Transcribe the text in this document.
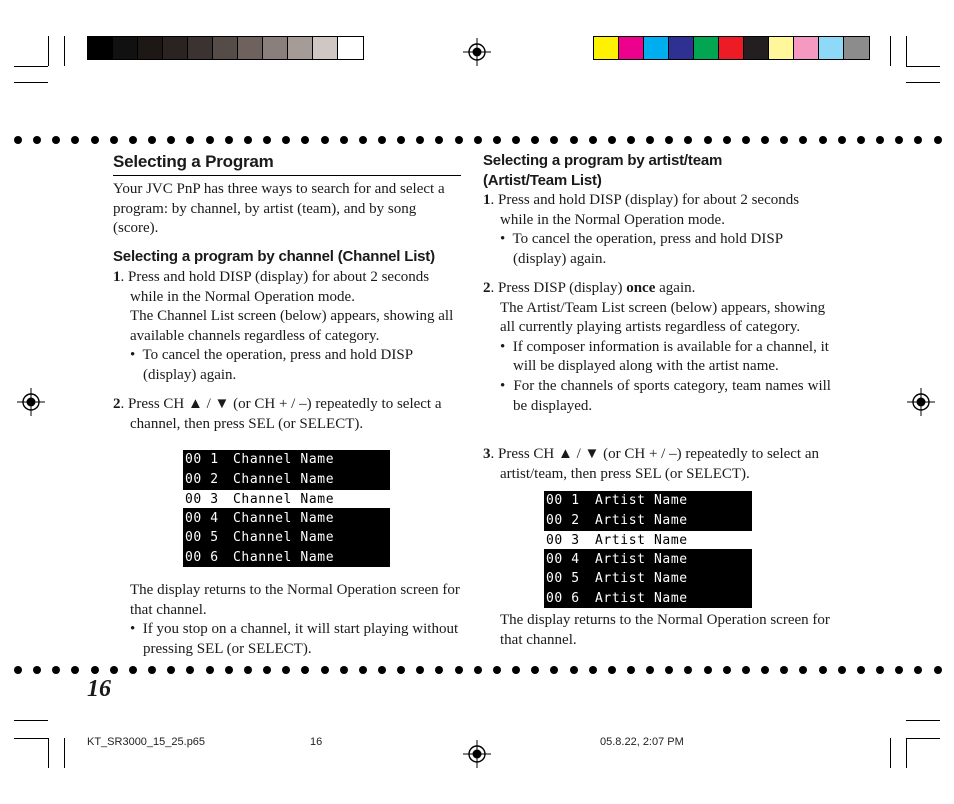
Selecting a Program
Your JVC PnP has three ways to search for and select a program: by channel, by artist (team), and by song (score).
Selecting a program by channel (Channel List)
1. Press and hold DISP (display) for about 2 seconds while in the Normal Operation mode.
The Channel List screen (below) appears, showing all available channels regardless of category.
•  To cancel the operation, press and hold DISP (display) again.
2. Press CH ▲ / ▼ (or CH + / –) repeatedly to select a channel, then press SEL (or SELECT).
00 1 Channel Name
00 2 Channel Name
00 3 Channel Name
00 4 Channel Name
00 5 Channel Name
00 6 Channel Name
The display returns to the Normal Operation screen for that channel.
•  If you stop on a channel, it will start playing without pressing SEL (or SELECT).
Selecting a program by artist/team
(Artist/Team List)
1. Press and hold DISP (display) for about 2 seconds while in the Normal Operation mode.
•  To cancel the operation, press and hold DISP (display) again.
2. Press DISP (display) once again.
The Artist/Team List screen (below) appears, showing all currently playing artists regardless of category.
•  If composer information is available for a channel, it will be displayed along with the artist name.
•  For the channels of sports category, team names will be displayed.
3. Press CH ▲ / ▼ (or CH + / –) repeatedly to select an artist/team, then press SEL (or SELECT).
00 1 Artist Name
00 2 Artist Name
00 3 Artist Name
00 4 Artist Name
00 5 Artist Name
00 6 Artist Name
The display returns to the Normal Operation screen for that channel.
16
KT_SR3000_15_25.p65	16	05.8.22, 2:07 PM
